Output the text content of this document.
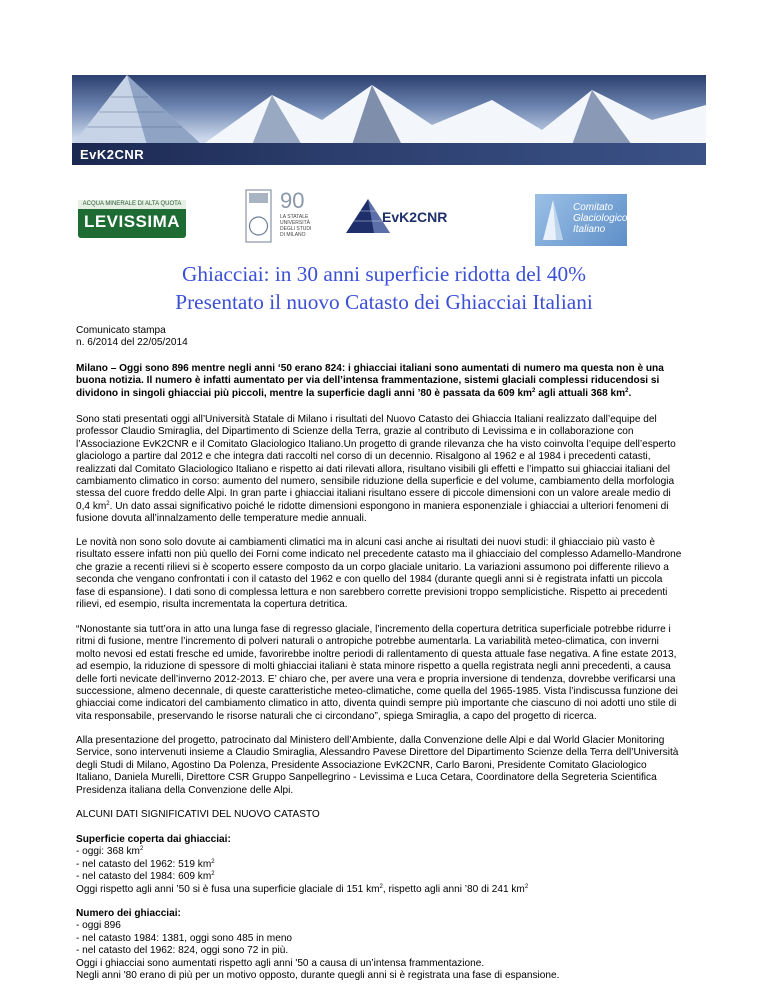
EvK2CNR
ACQUA MINERALE DI ALTA QUOTA
LEVISSIMA
90
LA STATALE
UNIVERSITÀ
DEGLI STUDI
DI MILANO
EvK2CNR
Comitato
Glaciologico
Italiano
Ghiacciai: in 30 anni superficie ridotta del 40%
Presentato il nuovo Catasto dei Ghiacciai Italiani

Comunicato stampa

n. 6/2014 del 22/05/2014

Milano – Oggi sono 896 mentre negli anni ‘50 erano 824: i ghiacciai italiani sono aumentati di numero ma questa non è una

buona notizia. Il numero è infatti aumentato per via dell’intensa frammentazione, sistemi glaciali complessi riducendosi si

dividono in singoli ghiacciai più piccoli, mentre la superficie dagli anni ’80 è passata da 609 $km^2$ agli attuali 368 $km^2$.

Sono stati presentati oggi all’Università Statale di Milano i risultati del Nuovo Catasto dei Ghiaccia Italiani realizzato dall’equipe del

professor Claudio Smiraglia, del Dipartimento di Scienze della Terra, grazie al contributo di Levissima e in collaborazione con

l’Associazione EvK2CNR e il Comitato Glaciologico Italiano.Un progetto di grande rilevanza che ha visto coinvolta l’equipe dell’esperto

glaciologo a partire dal 2012 e che integra dati raccolti nel corso di un decennio. Risalgono al 1962 e al 1984 i precedenti catasti,

realizzati dal Comitato Glaciologico Italiano e rispetto ai dati rilevati allora, risultano visibili gli effetti e l’impatto sui ghiacciai italiani del

cambiamento climatico in corso: aumento del numero, sensibile riduzione della superficie e del volume, cambiamento della morfologia

stessa del cuore freddo delle Alpi. In gran parte i ghiacciai italiani risultano essere di piccole dimensioni con un valore areale medio di

0,4 $km^2$. Un dato assai significativo poiché le ridotte dimensioni espongono in maniera esponenziale i ghiacciai a ulteriori fenomeni di

fusione dovuta all’innalzamento delle temperature medie annuali.

Le novità non sono solo dovute ai cambiamenti climatici ma in alcuni casi anche ai risultati dei nuovi studi: il ghiacciaio più vasto è

risultato essere infatti non più quello dei Forni come indicato nel precedente catasto ma il ghiacciaio del complesso Adamello-Mandrone

che grazie a recenti rilievi si è scoperto essere composto da un corpo glaciale unitario. La variazioni assumono poi differente rilievo a

seconda che vengano confrontati i con il catasto del 1962 e con quello del 1984 (durante quegli anni si è registrata infatti un piccola

fase di espansione). I dati sono di complessa lettura e non sarebbero corrette previsioni troppo semplicistiche. Rispetto ai precedenti

rilievi, ed esempio, risulta incrementata la copertura detritica.

“Nonostante sia tutt’ora in atto una lunga fase di regresso glaciale, l’incremento della copertura detritica superficiale potrebbe ridurre i

ritmi di fusione, mentre l’incremento di polveri naturali o antropiche potrebbe aumentarla. La variabilità meteo-climatica, con inverni

molto nevosi ed estati fresche ed umide, favorirebbe inoltre periodi di rallentamento di questa attuale fase negativa. A fine estate 2013,

ad esempio, la riduzione di spessore di molti ghiacciai italiani è stata minore rispetto a quella registrata negli anni precedenti, a causa

delle forti nevicate dell’inverno 2012-2013. E’ chiaro che, per avere una vera e propria inversione di tendenza, dovrebbe verificarsi una

successione, almeno decennale, di queste caratteristiche meteo-climatiche, come quella del 1965-1985. Vista l’indiscussa funzione dei

ghiacciai come indicatori del cambiamento climatico in atto, diventa quindi sempre più importante che ciascuno di noi adotti uno stile di

vita responsabile, preservando le risorse naturali che ci circondano”, spiega Smiraglia, a capo del progetto di ricerca.

Alla presentazione del progetto, patrocinato dal Ministero dell’Ambiente, dalla Convenzione delle Alpi e dal World Glacier Monitoring

Service, sono intervenuti insieme a Claudio Smiraglia, Alessandro Pavese Direttore del Dipartimento Scienze della Terra dell’Università

degli Studi di Milano, Agostino Da Polenza, Presidente Associazione EvK2CNR, Carlo Baroni, Presidente Comitato Glaciologico

Italiano, Daniela Murelli, Direttore CSR Gruppo Sanpellegrino - Levissima e Luca Cetara, Coordinatore della Segreteria Scientifica

Presidenza italiana della Convenzione delle Alpi.

ALCUNI DATI SIGNIFICATIVI DEL NUOVO CATASTO

Superficie coperta dai ghiacciai:

- oggi: 368 $km^2$

- nel catasto del 1962: 519 $km^2$

- nel catasto del 1984: 609 $km^2$

Oggi rispetto agli anni ’50 si è fusa una superficie glaciale di 151 $km^2$, rispetto agli anni ’80 di 241 $km^2$

Numero dei ghiacciai:

- oggi 896

- nel catasto 1984: 1381, oggi sono 485 in meno

- nel catasto del 1962: 824, oggi sono 72 in più.

Oggi i ghiacciai sono aumentati rispetto agli anni '50 a causa di un’intensa frammentazione.

Negli anni '80 erano di più per un motivo opposto, durante quegli anni si è registrata una fase di espansione.
